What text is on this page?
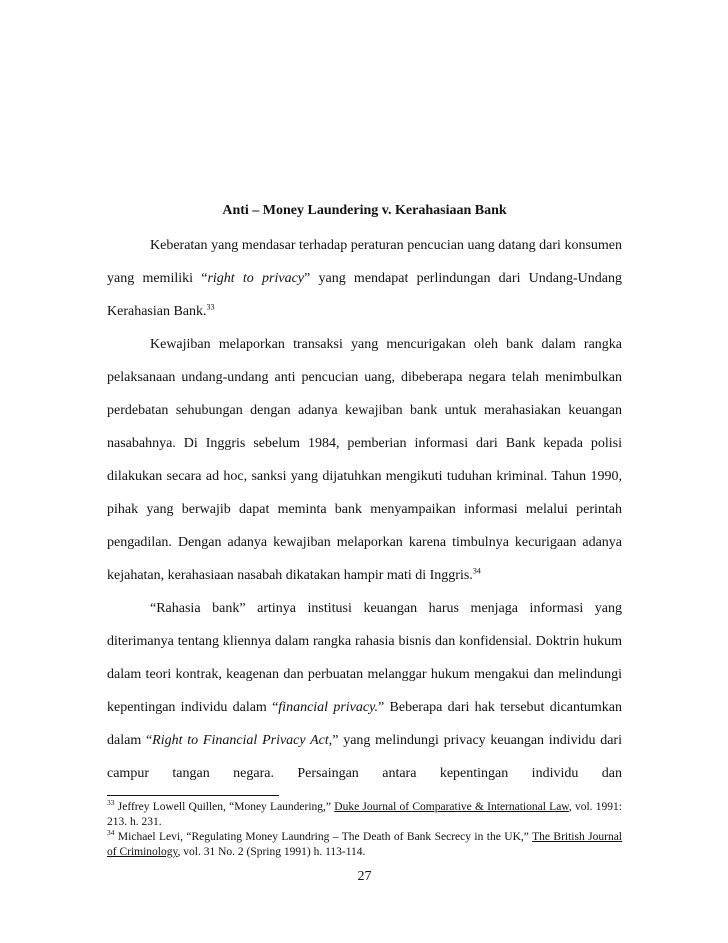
Anti – Money Laundering v. Kerahasiaan Bank

Keberatan yang mendasar terhadap peraturan pencucian uang datang dari konsumen yang memiliki “right to privacy” yang mendapat perlindungan dari Undang-Undang Kerahasian Bank.$^{33}$

Kewajiban melaporkan transaksi yang mencurigakan oleh bank dalam rangka pelaksanaan undang-undang anti pencucian uang, dibeberapa negara telah menimbulkan perdebatan sehubungan dengan adanya kewajiban bank untuk merahasiakan keuangan nasabahnya. Di Inggris sebelum 1984, pemberian informasi dari Bank kepada polisi dilakukan secara ad hoc, sanksi yang dijatuhkan mengikuti tuduhan kriminal. Tahun 1990, pihak yang berwajib dapat meminta bank menyampaikan informasi melalui perintah pengadilan. Dengan adanya kewajiban melaporkan karena timbulnya kecurigaan adanya kejahatan, kerahasiaan nasabah dikatakan hampir mati di Inggris.$^{34}$

“Rahasia bank” artinya institusi keuangan harus menjaga informasi yang diterimanya tentang kliennya dalam rangka rahasia bisnis dan konfidensial. Doktrin hukum dalam teori kontrak, keagenan dan perbuatan melanggar hukum mengakui dan melindungi kepentingan individu dalam “financial privacy.” Beberapa dari hak tersebut dicantumkan dalam “Right to Financial Privacy Act,” yang melindungi privacy keuangan individu dari campur tangan negara. Persaingan antara kepentingan individu dan

$^{33}$ Jeffrey Lowell Quillen, “Money Laundering,” Duke Journal of Comparative & International Law, vol. 1991: 213. h. 231.

$^{34}$ Michael Levi, “Regulating Money Laundring – The Death of Bank Secrecy in the UK,” The British Journal of Criminology, vol. 31 No. 2 (Spring 1991) h. 113-114.

27
